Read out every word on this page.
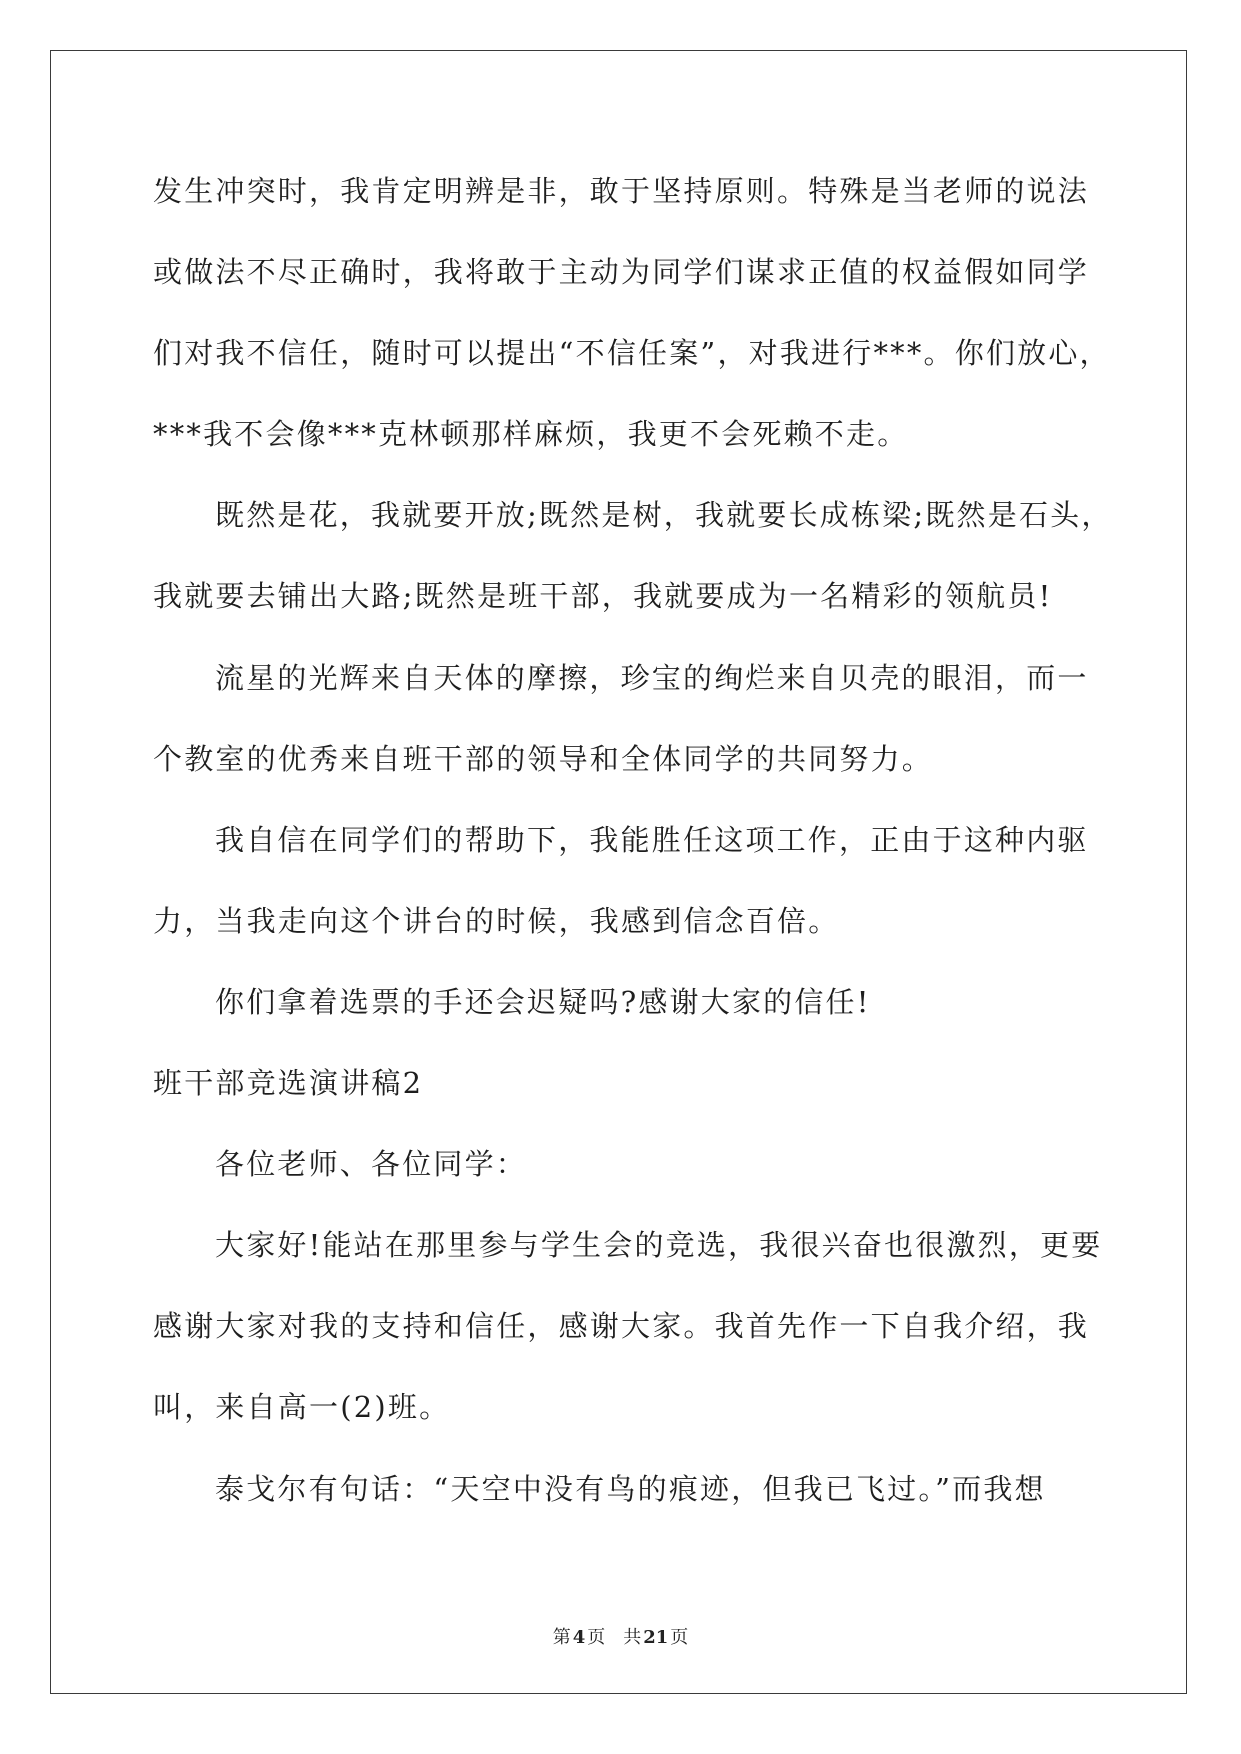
发生冲突时，我肯定明辨是非，敢于坚持原则。特殊是当老师的说法
或做法不尽正确时，我将敢于主动为同学们谋求正值的权益假如同学
们对我不信任，随时可以提出“不信任案”，对我进行***。你们放心，
***我不会像***克林顿那样麻烦，我更不会死赖不走。
既然是花，我就要开放;既然是树，我就要长成栋梁;既然是石头，
我就要去铺出大路;既然是班干部，我就要成为一名精彩的领航员!
流星的光辉来自天体的摩擦，珍宝的绚烂来自贝壳的眼泪，而一
个教室的优秀来自班干部的领导和全体同学的共同努力。
我自信在同学们的帮助下，我能胜任这项工作，正由于这种内驱
力，当我走向这个讲台的时候，我感到信念百倍。
你们拿着选票的手还会迟疑吗?感谢大家的信任!
班干部竞选演讲稿2
各位老师、各位同学：
大家好!能站在那里参与学生会的竞选，我很兴奋也很激烈，更要
感谢大家对我的支持和信任，感谢大家。我首先作一下自我介绍，我
叫，来自高一(2)班。
泰戈尔有句话：“天空中没有鸟的痕迹，但我已飞过。”而我想
第 4 页 共 21 页
